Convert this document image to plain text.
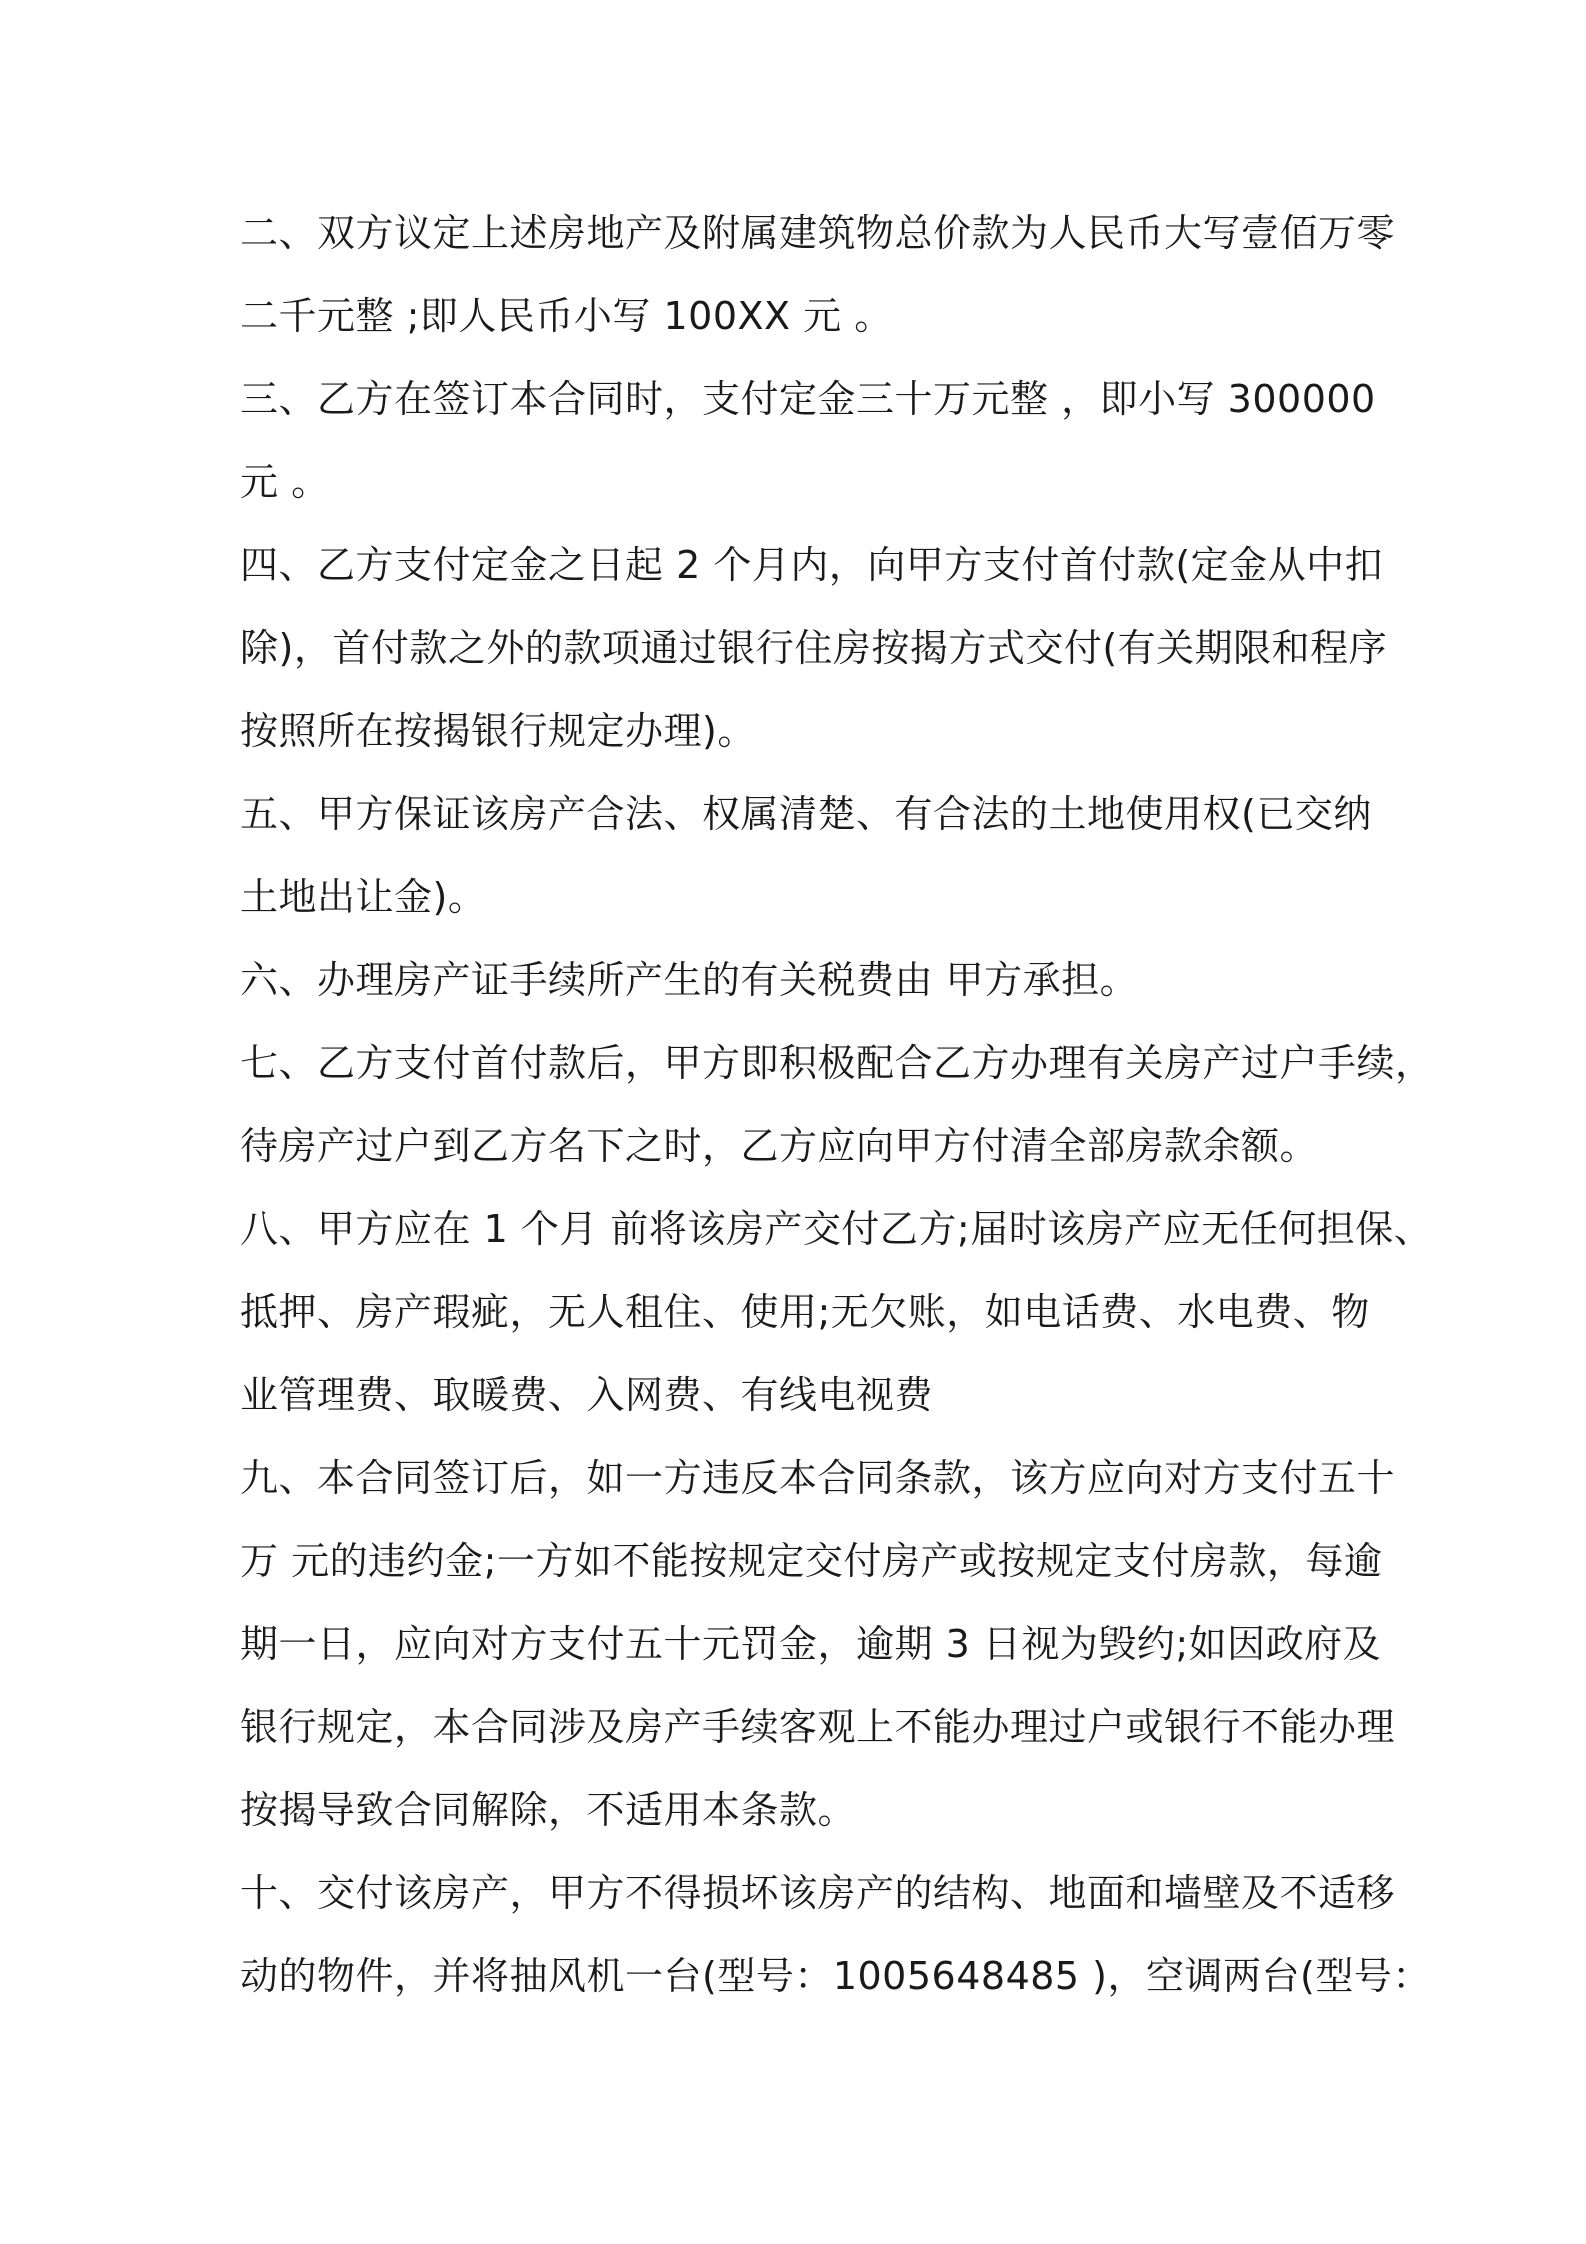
二、双方议定上述房地产及附属建筑物总价款为人民币大写壹佰万零
二千元整 ;即人民币小写 100XX 元 。
三、乙方在签订本合同时，支付定金三十万元整 ，即小写 300000
元 。
四、乙方支付定金之日起 2 个月内，向甲方支付首付款(定金从中扣
除)，首付款之外的款项通过银行住房按揭方式交付(有关期限和程序
按照所在按揭银行规定办理)。
五、甲方保证该房产合法、权属清楚、有合法的土地使用权(已交纳
土地出让金)。
六、办理房产证手续所产生的有关税费由 甲方承担。
七、乙方支付首付款后，甲方即积极配合乙方办理有关房产过户手续，
待房产过户到乙方名下之时，乙方应向甲方付清全部房款余额。
八、甲方应在 1 个月 前将该房产交付乙方;届时该房产应无任何担保、
抵押、房产瑕疵，无人租住、使用;无欠账，如电话费、水电费、物
业管理费、取暖费、入网费、有线电视费
九、本合同签订后，如一方违反本合同条款，该方应向对方支付五十
万 元的违约金;一方如不能按规定交付房产或按规定支付房款，每逾
期一日，应向对方支付五十元罚金，逾期 3 日视为毁约;如因政府及
银行规定，本合同涉及房产手续客观上不能办理过户或银行不能办理
按揭导致合同解除，不适用本条款。
十、交付该房产，甲方不得损坏该房产的结构、地面和墙壁及不适移
动的物件，并将抽风机一台(型号：1005648485 )，空调两台(型号：
